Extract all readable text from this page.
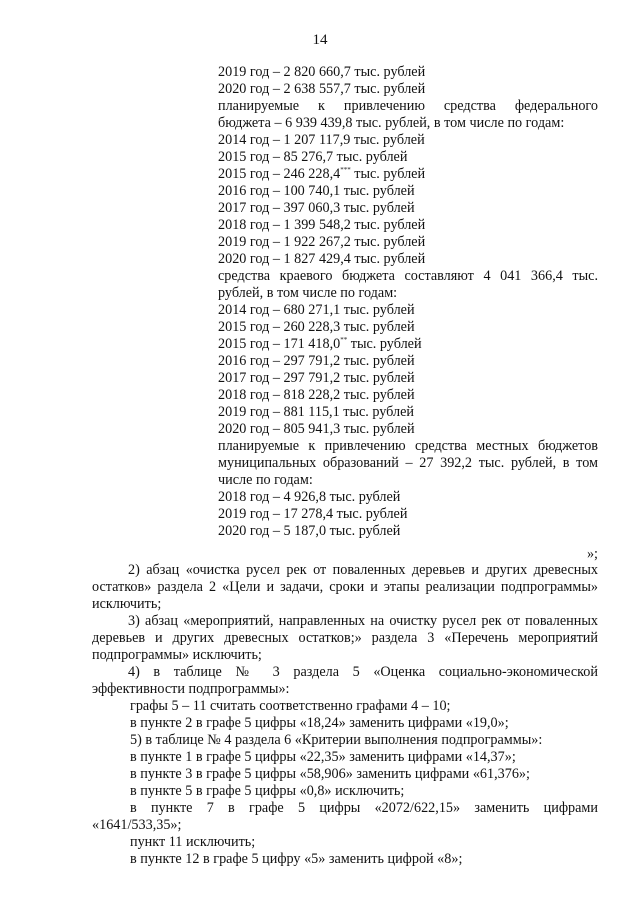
14
2019 год – 2 820 660,7 тыс. рублей
2020 год – 2 638 557,7 тыс. рублей
планируемые к привлечению средства федерального
бюджета – 6 939 439,8 тыс. рублей, в том числе по годам:
2014 год – 1 207 117,9 тыс. рублей
2015 год – 85 276,7 тыс. рублей
2015 год – 246 228,4*** тыс. рублей
2016 год – 100 740,1 тыс. рублей
2017 год – 397 060,3 тыс. рублей
2018 год – 1 399 548,2 тыс. рублей
2019 год – 1 922 267,2 тыс. рублей
2020 год – 1 827 429,4 тыс. рублей
средства краевого бюджета составляют 4 041 366,4 тыс.
рублей, в том числе по годам:
2014 год – 680 271,1 тыс. рублей
2015 год – 260 228,3 тыс. рублей
2015 год – 171 418,0** тыс. рублей
2016 год – 297 791,2 тыс. рублей
2017 год – 297 791,2 тыс. рублей
2018 год – 818 228,2 тыс. рублей
2019 год – 881 115,1 тыс. рублей
2020 год – 805 941,3 тыс. рублей
планируемые к привлечению средства местных бюджетов
муниципальных образований – 27 392,2 тыс. рублей, в том
числе по годам:
2018 год – 4 926,8 тыс. рублей
2019 год – 17 278,4 тыс. рублей
2020 год – 5 187,0 тыс. рублей
»;

2) абзац «очистка русел рек от поваленных деревьев и других древесных остатков» раздела 2 «Цели и задачи, сроки и этапы реализации подпрограммы» исключить;

3) абзац «мероприятий, направленных на очистку русел рек от поваленных деревьев и других древесных остатков;» раздела 3 «Перечень мероприятий подпрограммы» исключить;

4) в таблице № 3 раздела 5 «Оценка социально-экономической эффективности подпрограммы»:

графы 5 – 11 считать соответственно графами 4 – 10;

в пункте 2 в графе 5 цифры «18,24» заменить цифрами «19,0»;

5) в таблице № 4 раздела 6 «Критерии выполнения подпрограммы»:

в пункте 1 в графе 5 цифры «22,35» заменить цифрами «14,37»;

в пункте 3 в графе 5 цифры «58,906» заменить цифрами «61,376»;

в пункте 5 в графе 5 цифры «0,8» исключить;

в пункте 7 в графе 5 цифры «2072/622,15» заменить цифрами

«1641/533,35»;

пункт 11 исключить;

в пункте 12 в графе 5 цифру «5» заменить цифрой «8»;
